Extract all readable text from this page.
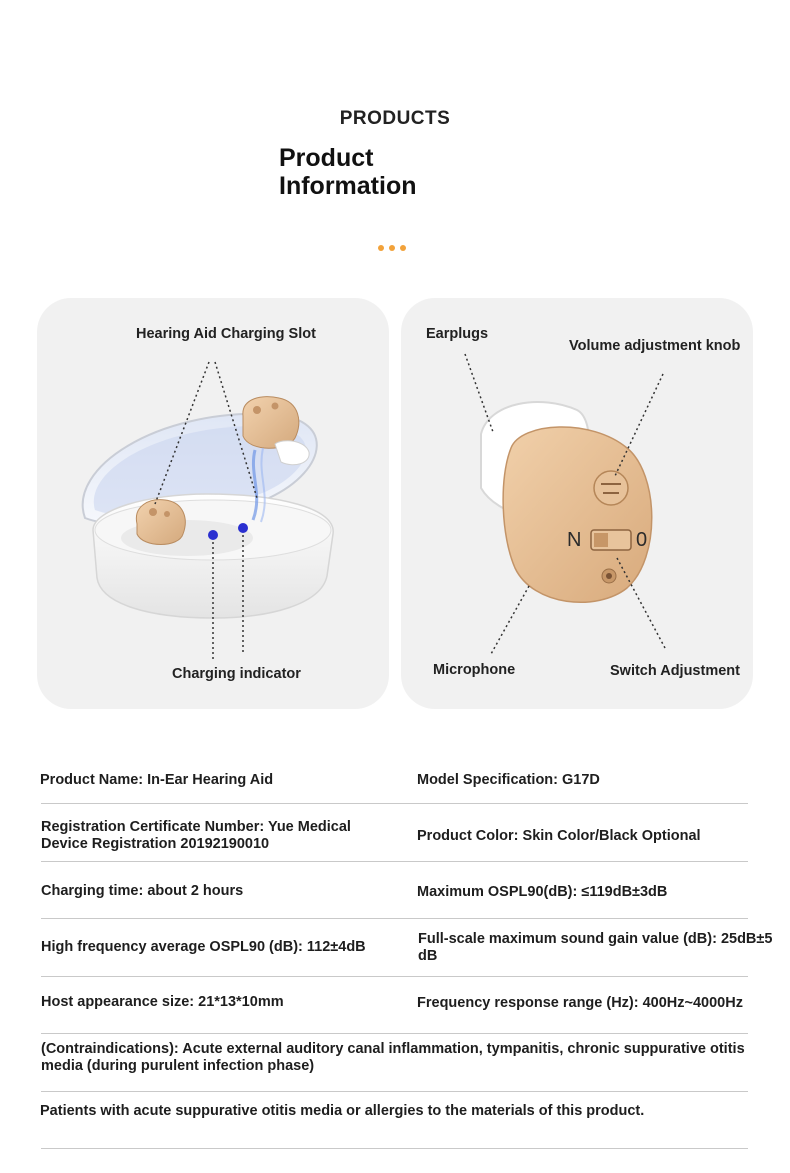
PRODUCTS
Product
Information
Hearing Aid Charging Slot
Charging indicator
N	0
Earplugs
Volume adjustment knob
Microphone	Switch Adjustment
Product Name: In-Ear Hearing Aid	Model Specification: G17D
Registration Certificate Number: Yue Medical
Device Registration 20192190010	Product Color: Skin Color/Black Optional
Charging time: about 2 hours	Maximum OSPL90(dB): ≤119dB±3dB
High frequency average OSPL90 (dB): 112±4dB	Full-scale maximum sound gain value (dB): 25dB±5
dB
Host appearance size: 21*13*10mm	Frequency response range (Hz): 400Hz~4000Hz
(Contraindications): Acute external auditory canal inflammation, tympanitis, chronic suppurative otitis
media (during purulent infection phase)
Patients with acute suppurative otitis media or allergies to the materials of this product.
